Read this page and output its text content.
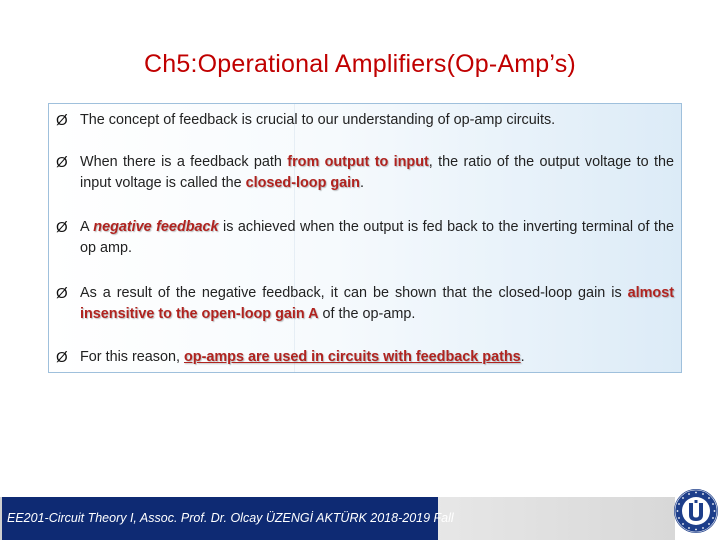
Ch5:Operational Amplifiers(Op-Amp’s)
Ø The concept of feedback is crucial to our understanding of op-amp circuits.
Ø When there is a feedback path from output to input, the ratio of the output voltage to the input voltage is called the closed-loop gain.
Ø A negative feedback is achieved when the output is fed back to the inverting terminal of the op amp.
Ø As a result of the negative feedback, it can be shown that the closed-loop gain is almost insensitive to the open-loop gain A of the op-amp.
Ø For this reason, op-amps are used in circuits with feedback paths.
EE201-Circuit Theory I, Assoc. Prof. Dr. Olcay ÜZENGİ AKTÜRK 2018-2019 Fall
